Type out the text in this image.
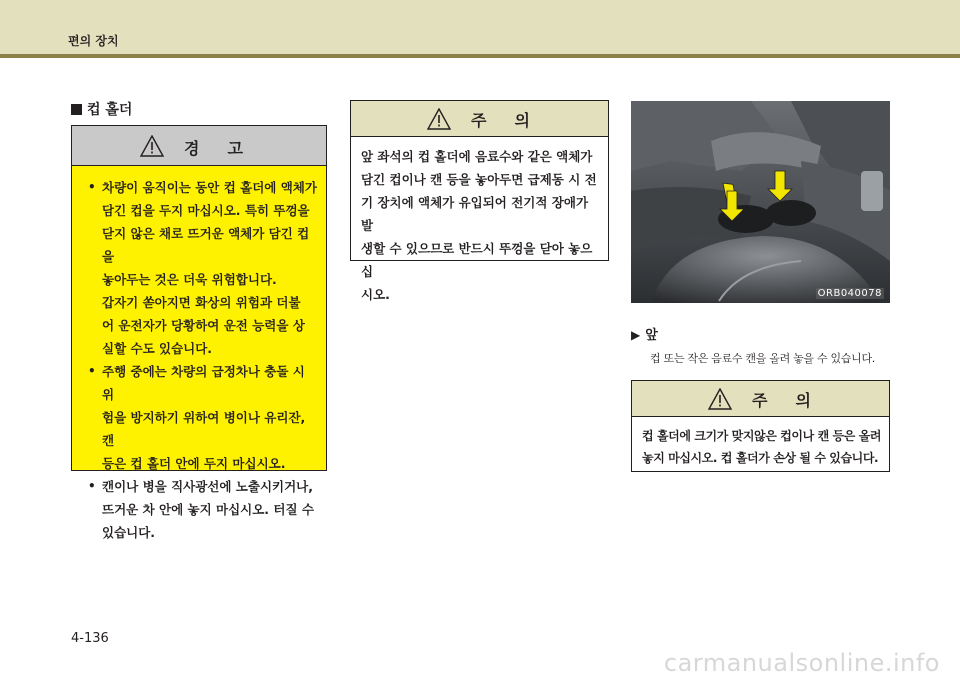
편의 장치
컵 홀더
경고
• 차량이 움직이는 동안 컵 홀더에 액체가
담긴 컵을 두지 마십시오. 특히 뚜껑을
닫지 않은 채로 뜨거운 액체가 담긴 컵을
놓아두는 것은 더욱 위험합니다.
갑자기 쏟아지면 화상의 위험과 더불
어 운전자가 당황하여 운전 능력을 상
실할 수도 있습니다.
• 주행 중에는 차량의 급정차나 충돌 시 위
험을 방지하기 위하여 병이나 유리잔, 캔
등은 컵 홀더 안에 두지 마십시오.
• 캔이나 병을 직사광선에 노출시키거나,
뜨거운 차 안에 놓지 마십시오. 터질 수
있습니다.
주의

앞 좌석의 컵 홀더에 음료수와 같은 액체가
담긴 컵이나 캔 등을 놓아두면 급제동 시 전
기 장치에 액체가 유입되어 전기적 장애가 발
생할 수 있으므로 반드시 뚜껑을 닫아 놓으십
시오.	ORB040078
▶ 앞
컵 또는 작은 음료수 캔을 올려 놓을 수 있습니다.
주의

컵 홀더에 크기가 맞지않은 컵이나 캔 등은 올려
놓지 마십시오. 컵 홀더가 손상 될 수 있습니다.

4-136
carmanualsonline.info
